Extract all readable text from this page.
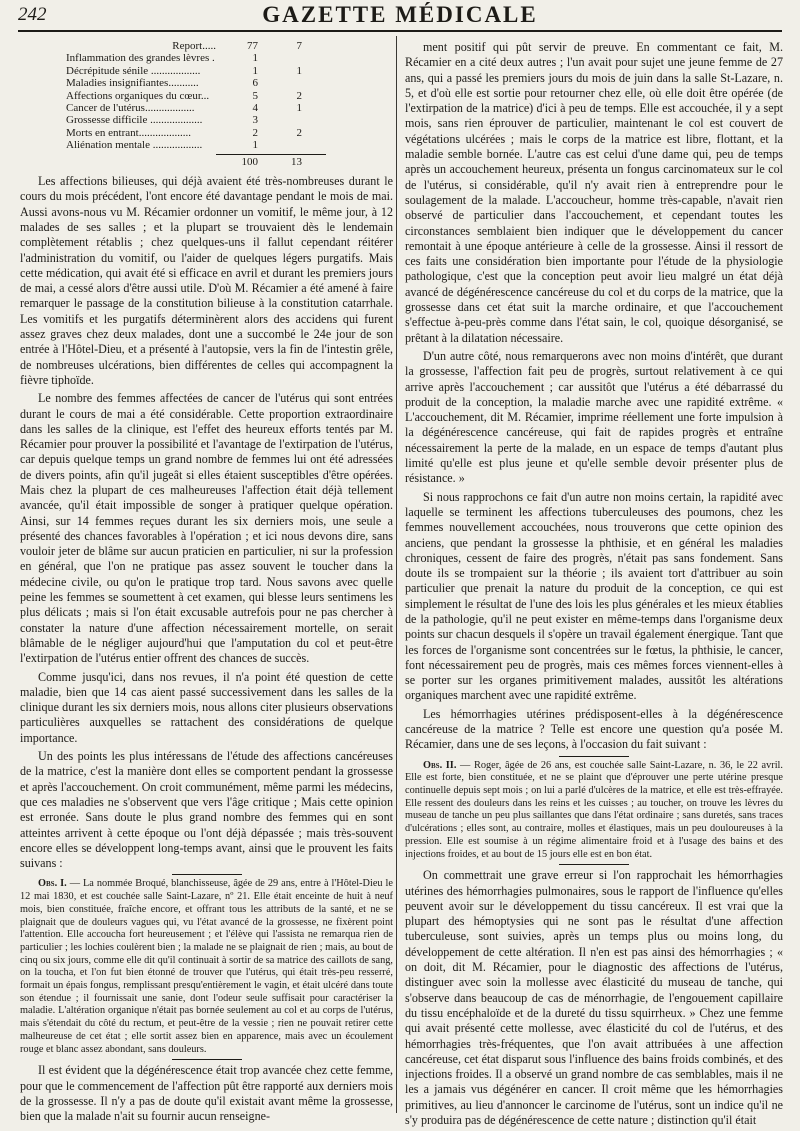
242	GAZETTE MÉDICALE
Report.....	77	7
Inflammation des grandes lèvres .	1
Décrépitude sénile ..................	1	1
Maladies insignifiantes...........	6
Affections organiques du cœur...	5	2
Cancer de l'utérus..................	4	1
Grossesse difficile ...................	3
Morts en entrant...................	2	2
Aliénation mentale ..................	1
100	13

Les affections bilieuses, qui déjà avaient été très-nombreuses durant le cours du mois précédent, l'ont encore été davantage pendant le mois de mai. Aussi avons-nous vu M. Récamier ordonner un vomitif, le même jour, à 12 malades de ses salles ; et la plupart se trouvaient dès le lendemain complètement rétablis ; chez quelques-uns il fallut cependant réitérer l'administration du vomitif, ou l'aider de quelques légers purgatifs. Mais cette médication, qui avait été si efficace en avril et durant les premiers jours de mai, a cessé alors d'être aussi utile. D'où M. Récamier a été amené à faire remarquer le passage de la constitution bilieuse à la constitution catarrhale. Les vomitifs et les purgatifs déterminèrent alors des accidens qui furent assez graves chez deux malades, dont une a succombé le 24e jour de son entrée à l'Hôtel-Dieu, et a présenté à l'autopsie, vers la fin de l'intestin grêle, de nombreuses ulcérations, bien différentes de celles qui accompagnent la fièvre tiphoïde.

Le nombre des femmes affectées de cancer de l'utérus qui sont entrées durant le cours de mai a été considérable. Cette proportion extraordinaire dans les salles de la clinique, est l'effet des heureux efforts tentés par M. Récamier pour prouver la possibilité et l'avantage de l'extirpation de l'utérus, car depuis quelque temps un grand nombre de femmes lui ont été adressées de divers points, afin qu'il jugeât si elles étaient susceptibles d'être opérées. Mais chez la plupart de ces malheureuses l'affection était déjà tellement avancée, qu'il était impossible de songer à pratiquer quelque opération. Ainsi, sur 14 femmes reçues durant les six derniers mois, une seule a présenté des chances favorables à l'opération ; et ici nous devons dire, sans vouloir jeter de blâme sur aucun praticien en particulier, ni sur la profession en général, que l'on ne pratique pas assez souvent le toucher dans la médecine civile, ou qu'on le pratique trop tard. Nous savons avec quelle peine les femmes se soumettent à cet examen, qui blesse leurs sentimens les plus délicats ; mais si l'on était excusable autrefois pour ne pas chercher à constater la nature d'une affection nécessairement mortelle, on serait blâmable de le négliger aujourd'hui que l'amputation du col et peut-être l'extirpation de l'utérus entier offrent des chances de succès.

Comme jusqu'ici, dans nos revues, il n'a point été question de cette maladie, bien que 14 cas aient passé successivement dans les salles de la clinique durant les six derniers mois, nous allons citer plusieurs observations particulières auxquelles se rattachent des considérations de quelque importance.

Un des points les plus intéressans de l'étude des affections cancéreuses de la matrice, c'est la manière dont elles se comportent pendant la grossesse et après l'accouchement. On croit communément, même parmi les médecins, que ces maladies ne s'observent que vers l'âge critique ; Mais cette opinion est erronée. Sans doute le plus grand nombre des femmes qui en sont atteintes arrivent à cette époque ou l'ont déjà dépassée ; mais très-souvent encore elles se développent long-temps avant, ainsi que le prouvent les faits suivans :

Obs. I. — La nommée Broqué, blanchisseuse, âgée de 29 ans, entre à l'Hôtel-Dieu le 12 mai 1830, et est couchée salle Saint-Lazare, nº 21. Elle était enceinte de huit à neuf mois, bien constituée, fraîche encore, et offrant tous les attributs de la santé, et ne se plaignait que de douleurs vagues qui, vu l'état avancé de la grossesse, ne fixèrent point l'attention. Elle accoucha fort heureusement ; et l'élève qui l'assista ne remarqua rien de particulier ; les lochies coulèrent bien ; la malade ne se plaignait de rien ; mais, au bout de cinq ou six jours, comme elle dit qu'il continuait à sortir de sa matrice des caillots de sang, on la toucha, et l'on fut bien étonné de trouver que l'utérus, qui était très-peu resserré, formait un épais fongus, remplissant presqu'entièrement le vagin, et était ulcéré dans toute son étendue ; il fournissait une sanie, dont l'odeur seule suffisait pour caractériser la maladie. L'altération organique n'était pas bornée seulement au col et au corps de l'utérus, mais s'étendait du côté du rectum, et peut-être de la vessie ; rien ne pouvait retirer cette malheureuse de cet état ; elle sortit assez bien en apparence, mais avec un écoulement rouge et blanc assez abondant, sans douleurs.

Il est évident que la dégénérescence était trop avancée chez cette femme, pour que le commencement de l'affection pût être rapporté aux derniers mois de la grossesse. Il n'y a pas de doute qu'il existait avant même la grossesse, bien que la malade n'ait su fournir aucun renseigne-

ment positif qui pût servir de preuve. En commentant ce fait, M. Récamier en a cité deux autres ; l'un avait pour sujet une jeune femme de 27 ans, qui a passé les premiers jours du mois de juin dans la salle St-Lazare, n. 5, et d'où elle est sortie pour retourner chez elle, où elle doit être opérée (de l'extirpation de la matrice) d'ici à peu de temps. Elle est accouchée, il y a sept mois, sans rien éprouver de particulier, maintenant le col est couvert de végétations ulcérées ; mais le corps de la matrice est libre, flottant, et la maladie semble bornée. L'autre cas est celui d'une dame qui, peu de temps après un accouchement heureux, présenta un fongus carcinomateux sur le col de l'utérus, si considérable, qu'il n'y avait rien à entreprendre pour le soulagement de la malade. L'accoucheur, homme très-capable, n'avait rien observé de particulier dans l'accouchement, et cependant toutes les circonstances semblaient bien indiquer que le développement du cancer remontait à une époque antérieure à celle de la grossesse. Ainsi il ressort de ces faits une considération bien importante pour l'étude de la physiologie pathologique, c'est que la conception peut avoir lieu malgré un état déjà avancé de dégénérescence cancéreuse du col et du corps de la matrice, que la grossesse dans cet état suit la marche ordinaire, et que l'accouchement s'effectue à-peu-près comme dans l'état sain, le col, quoique désorganisé, se prêtant à la dilatation nécessaire.

D'un autre côté, nous remarquerons avec non moins d'intérêt, que durant la grossesse, l'affection fait peu de progrès, surtout relativement à ce qui arrive après l'accouchement ; car aussitôt que l'utérus a été débarrassé du produit de la conception, la maladie marche avec une rapidité extrême. « L'accouchement, dit M. Récamier, imprime réellement une forte impulsion à la dégénérescence cancéreuse, qui fait de rapides progrès et entraîne nécessairement la perte de la malade, en un espace de temps d'autant plus limité qu'elle est plus jeune et qu'elle semble devoir présenter plus de résistance. »

Si nous rapprochons ce fait d'un autre non moins certain, la rapidité avec laquelle se terminent les affections tuberculeuses des poumons, chez les femmes nouvellement accouchées, nous trouverons que cette opinion des anciens, que pendant la grossesse la phthisie, et en général les maladies chroniques, cessent de faire des progrès, n'était pas sans fondement. Sans doute ils se trompaient sur la théorie ; ils avaient tort d'attribuer au soin particulier que prenait la nature du produit de la conception, ce qui est simplement le résultat de l'une des lois les plus générales et les mieux établies de la pathologie, qu'il ne peut exister en même-temps dans l'organisme deux points sur chacun desquels il s'opère un travail également énergique. Tant que les forces de l'organisme sont concentrées sur le fœtus, la phthisie, le cancer, font nécessairement peu de progrès, mais ces mêmes forces viennent-elles à se porter sur les organes primitivement malades, aussitôt les altérations organiques marchent avec une rapidité extrême.

Les hémorrhagies utérines prédisposent-elles à la dégénérescence cancéreuse de la matrice ? Telle est encore une question qu'a posée M. Récamier, dans une de ses leçons, à l'occasion du fait suivant :

Obs. II. — Roger, âgée de 26 ans, est couchée salle Saint-Lazare, n. 36, le 22 avril. Elle est forte, bien constituée, et ne se plaint que d'éprouver une perte utérine presque continuelle depuis sept mois ; on lui a parlé d'ulcères de la matrice, et elle est très-effrayée. Elle ressent des douleurs dans les reins et les cuisses ; au toucher, on trouve les lèvres du museau de tanche un peu plus saillantes que dans l'état ordinaire ; sans duretés, sans traces d'ulcérations ; elles sont, au contraire, molles et élastiques, mais un peu douloureuses à la pression. Elle est soumise à un régime alimentaire froid et à l'usage des bains et des injections froides, et au bout de 15 jours elle est en bon état.

On commettrait une grave erreur si l'on rapprochait les hémorrhagies utérines des hémorrhagies pulmonaires, sous le rapport de l'influence qu'elles peuvent avoir sur le développement du tissu cancéreux. Il est vrai que la plupart des hémoptysies qui ne sont pas le résultat d'une affection tuberculeuse, sont suivies, après un temps plus ou moins long, du développement de cette altération. Il n'en est pas ainsi des hémorrhagies ; « on doit, dit M. Récamier, pour le diagnostic des affections de l'utérus, distinguer avec soin la mollesse avec élasticité du museau de tanche, qui s'observe dans beaucoup de cas de ménorrhagie, de l'engouement capillaire du tissu encéphaloïde et de la dureté du tissu squirrheux. » Chez une femme qui avait présenté cette mollesse, avec élasticité du col de l'utérus, et des hémorrhagies très-fréquentes, que l'on avait attribuées à une affection cancéreuse, cet état disparut sous l'influence des bains froids combinés, et des injections froides. Il a observé un grand nombre de cas semblables, mais il ne les a jamais vus dégénérer en cancer. Il croit même que les hémorrhagies primitives, au lieu d'annoncer le carcinome de l'utérus, sont un indice qu'il ne s'y produira pas de dégénérescence de cette nature ; distinction qu'il était
